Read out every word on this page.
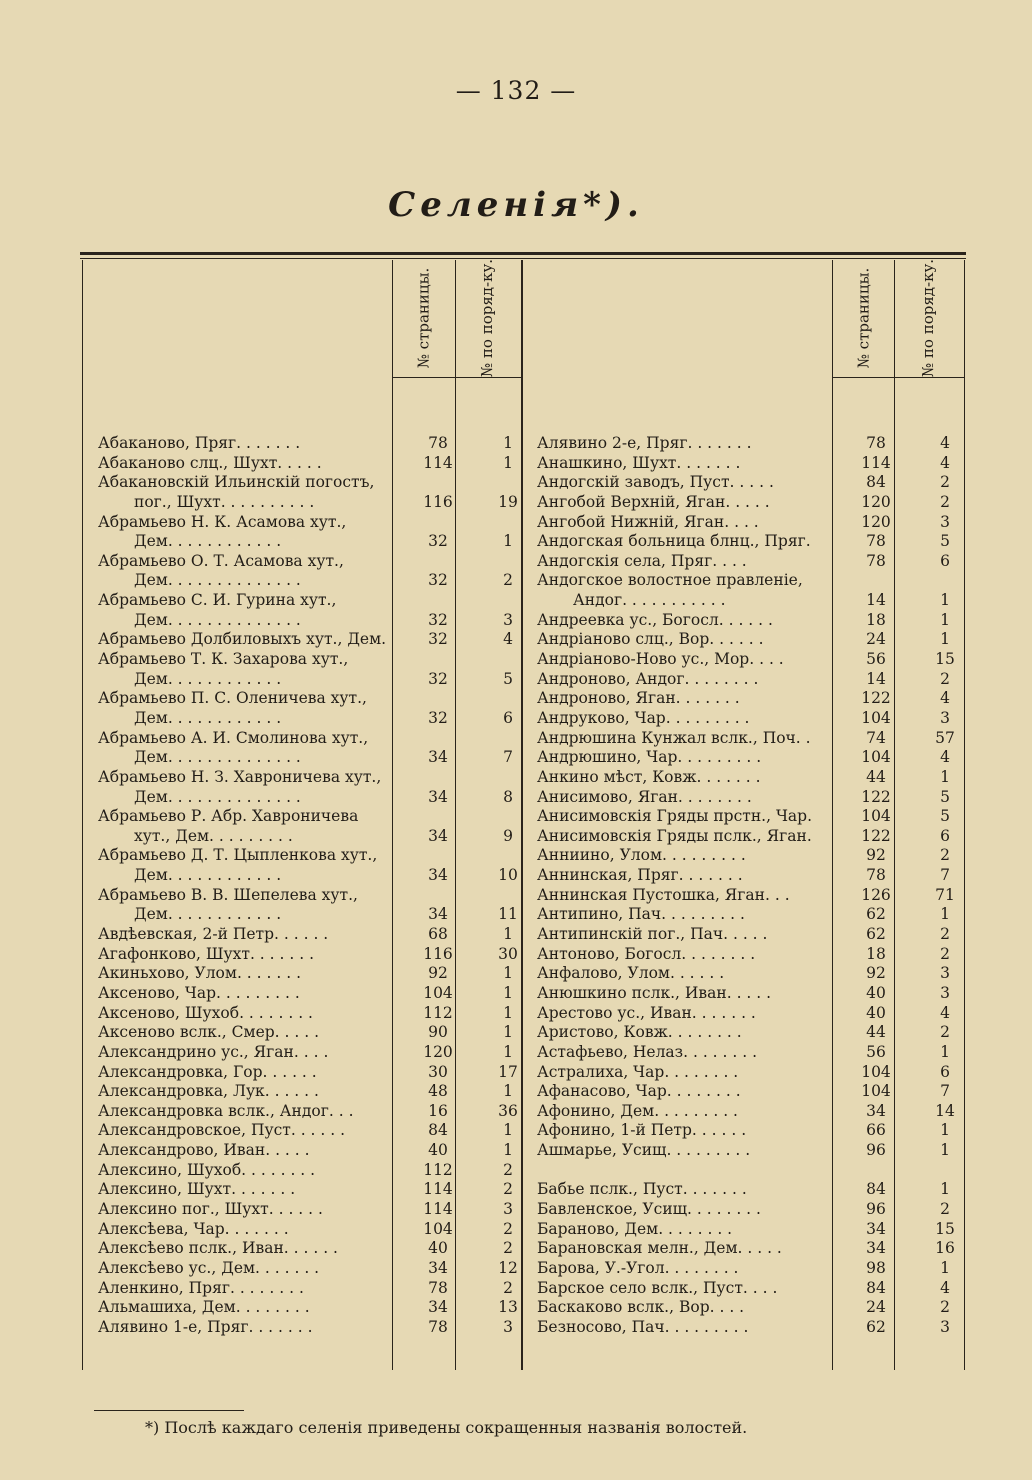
— 132 —
Селенія*).
№ страницы.	№ по поряд-ку.	№ страницы.	№ по поряд-ку.
Абаканово, Пряг. . . . . . .	78	1
Абаканово слц., Шухт. . . . .	114	1
Абакановскій Ильинскій погостъ,
пог., Шухт. . . . . . . . . .	116	19
Абрамьево Н. К. Асамова хут.,
Дем. . . . . . . . . . . .	32	1
Абрамьево О. Т. Асамова хут.,
Дем. . . . . . . . . . . . . .	32	2
Абрамьево С. И. Гурина хут.,
Дем. . . . . . . . . . . . . .	32	3
Абрамьево Долбиловыхъ хут., Дем.	32	4
Абрамьево Т. К. Захарова хут.,
Дем. . . . . . . . . . . .	32	5
Абрамьево П. С. Оленичева хут.,
Дем. . . . . . . . . . . .	32	6
Абрамьево А. И. Смолинова хут.,
Дем. . . . . . . . . . . . . .	34	7
Абрамьево Н. З. Хавроничева хут.,
Дем. . . . . . . . . . . . . .	34	8
Абрамьево Р. Абр. Хавроничева
хут., Дем. . . . . . . . .	34	9
Абрамьево Д. Т. Цыпленкова хут.,
Дем. . . . . . . . . . . .	34	10
Абрамьево В. В. Шепелева хут.,
Дем. . . . . . . . . . . .	34	11
Авдѣевская, 2-й Петр. . . . . .	68	1
Агафонково, Шухт. . . . . . .	116	30
Акиньхово, Улом. . . . . . .	92	1
Аксеново, Чар. . . . . . . . .	104	1
Аксеново, Шухоб. . . . . . . .	112	1
Аксеново вслк., Смер. . . . .	90	1
Александрино ус., Яган. . . .	120	1
Александровка, Гор. . . . . .	30	17
Александровка, Лук. . . . . .	48	1
Александровка вслк., Андог. . .	16	36
Александровское, Пуст. . . . . .	84	1
Александрово, Иван. . . . .	40	1
Алексино, Шухоб. . . . . . . .	112	2
Алексино, Шухт. . . . . . .	114	2
Алексино пог., Шухт. . . . . .	114	3
Алексѣева, Чар. . . . . . .	104	2
Алексѣево пслк., Иван. . . . . .	40	2
Алексѣево ус., Дем. . . . . . .	34	12
Аленкино, Пряг. . . . . . . .	78	2
Альмашиха, Дем. . . . . . . .	34	13
Алявино 1-е, Пряг. . . . . . .	78	3
Алявино 2-е, Пряг. . . . . . .	78	4
Анашкино, Шухт. . . . . . .	114	4
Андогскій заводъ, Пуст. . . . .	84	2
Ангобой Верхній, Яган. . . . .	120	2
Ангобой Нижній, Яган. . . .	120	3
Андогская больница блнц., Пряг.	78	5
Андогскія села, Пряг. . . .	78	6
Андогское волостное правленіе,
Андог. . . . . . . . . . .	14	1
Андреевка ус., Богосл. . . . . .	18	1
Андріаново слц., Вор. . . . . .	24	1
Андріаново-Ново ус., Мор. . . .	56	15
Андроново, Андог. . . . . . . .	14	2
Андроново, Яган. . . . . . .	122	4
Андруково, Чар. . . . . . . . .	104	3
Андрюшина Кунжал вслк., Поч. .	74	57
Андрюшино, Чар. . . . . . . . .	104	4
Анкино мѣст, Ковж. . . . . . .	44	1
Анисимово, Яган. . . . . . . .	122	5
Анисимовскія Гряды прстн., Чар.	104	5
Анисимовскія Гряды пслк., Яган.	122	6
Анниино, Улом. . . . . . . . .	92	2
Аннинская, Пряг. . . . . . .	78	7
Аннинская Пустошка, Яган. . .	126	71
Антипино, Пач. . . . . . . . .	62	1
Антипинскій пог., Пач. . . . .	62	2
Антоново, Богосл. . . . . . . .	18	2
Анфалово, Улом. . . . . .	92	3
Анюшкино пслк., Иван. . . . .	40	3
Арестово ус., Иван. . . . . . .	40	4
Аристово, Ковж. . . . . . . .	44	2
Астафьево, Нелаз. . . . . . . .	56	1
Астралиха, Чар. . . . . . . .	104	6
Афанасово, Чар. . . . . . . .	104	7
Афонино, Дем. . . . . . . . .	34	14
Афонино, 1-й Петр. . . . . .	66	1
Ашмарье, Усищ. . . . . . . . .	96	1
Бабье пслк., Пуст. . . . . . .	84	1
Бавленское, Усищ. . . . . . . .	96	2
Бараново, Дем. . . . . . . .	34	15
Барановская мелн., Дем. . . . .	34	16
Барова, У.-Угол. . . . . . . .	98	1
Барское село вслк., Пуст. . . .	84	4
Баскаково вслк., Вор. . . .	24	2
Безносово, Пач. . . . . . . . .	62	3
*) Послѣ каждаго селенія приведены сокращенныя названія волостей.
